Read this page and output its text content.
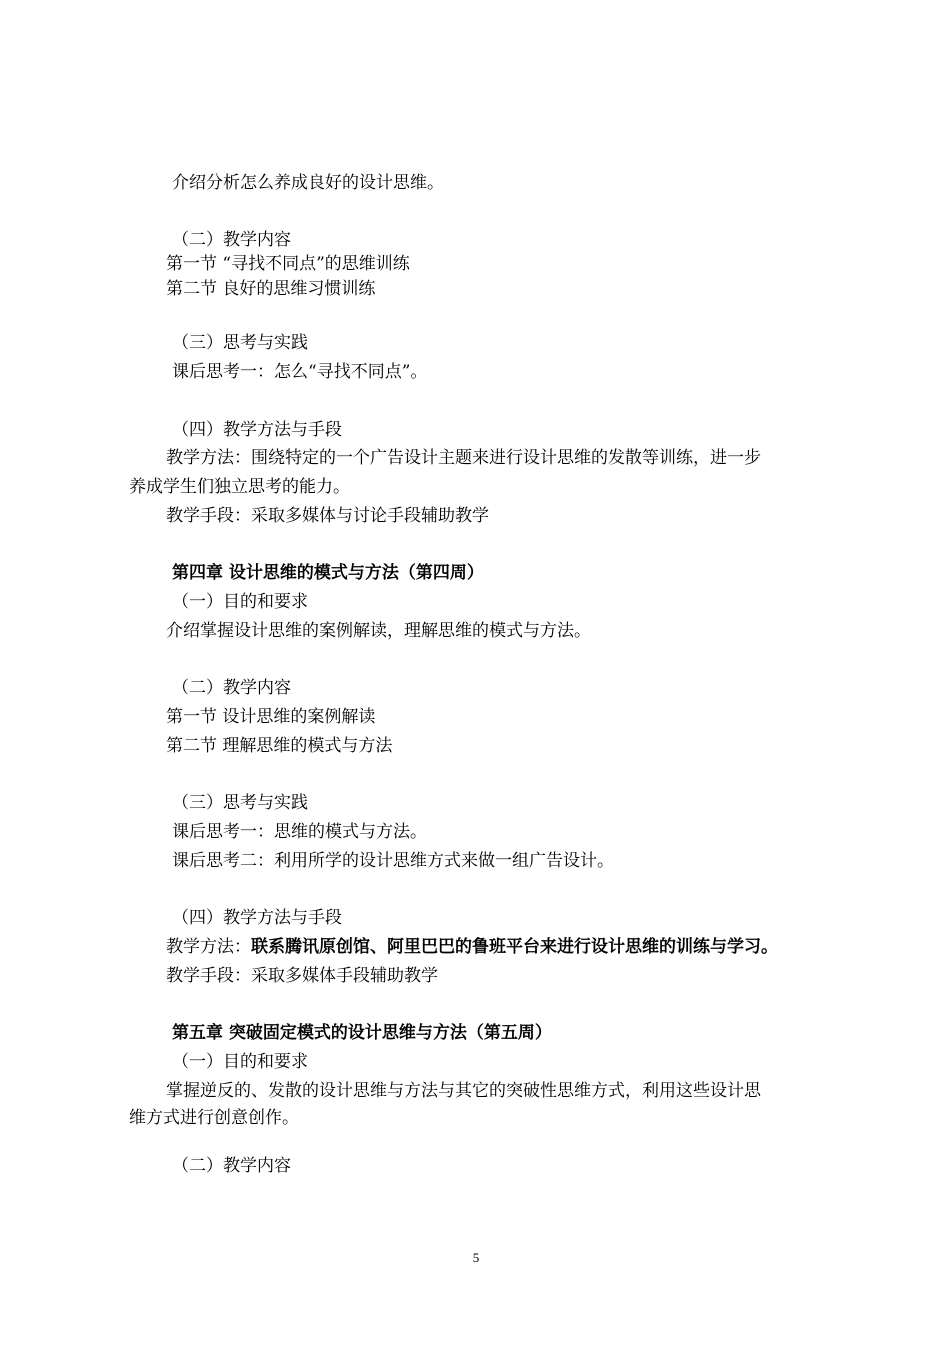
介绍分析怎么养成良好的设计思维。
（二）教学内容
第一节 “寻找不同点”的思维训练
第二节 良好的思维习惯训练
（三）思考与实践
课后思考一：怎么“寻找不同点”。
（四）教学方法与手段
教学方法：围绕特定的一个广告设计主题来进行设计思维的发散等训练，进一步
养成学生们独立思考的能力。
教学手段：采取多媒体与讨论手段辅助教学
第四章 设计思维的模式与方法（第四周）
（一）目的和要求
介绍掌握设计思维的案例解读，理解思维的模式与方法。
（二）教学内容
第一节 设计思维的案例解读
第二节 理解思维的模式与方法
（三）思考与实践
课后思考一：思维的模式与方法。
课后思考二：利用所学的设计思维方式来做一组广告设计。
（四）教学方法与手段
教学方法：联系腾讯原创馆、阿里巴巴的鲁班平台来进行设计思维的训练与学习。
教学手段：采取多媒体手段辅助教学
第五章 突破固定模式的设计思维与方法（第五周）
（一）目的和要求
掌握逆反的、发散的设计思维与方法与其它的突破性思维方式，利用这些设计思
维方式进行创意创作。
（二）教学内容
5
